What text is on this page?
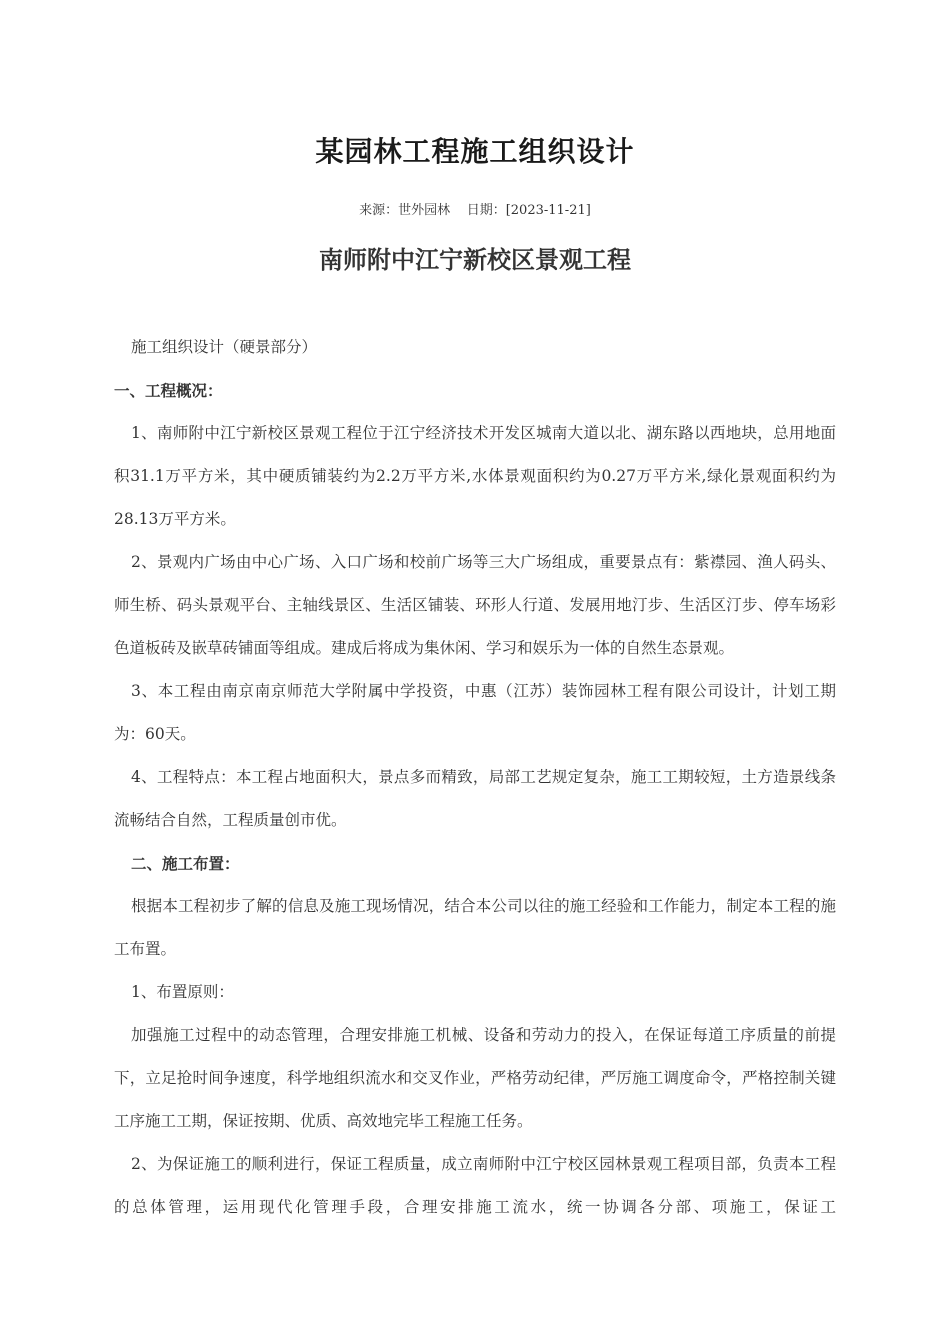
某园林工程施工组织设计
来源：世外园林 日期：[2023-11-21]
南师附中江宁新校区景观工程

施工组织设计（硬景部分）

一、工程概况：

1、南师附中江宁新校区景观工程位于江宁经济技术开发区城南大道以北、湖东路以西地块，总用地面积31.1万平方米，其中硬质铺装约为2.2万平方米,水体景观面积约为0.27万平方米,绿化景观面积约为28.13万平方米。

2、景观内广场由中心广场、入口广场和校前广场等三大广场组成，重要景点有：紫襟园、渔人码头、师生桥、码头景观平台、主轴线景区、生活区铺装、环形人行道、发展用地汀步、生活区汀步、停车场彩色道板砖及嵌草砖铺面等组成。建成后将成为集休闲、学习和娱乐为一体的自然生态景观。

3、本工程由南京南京师范大学附属中学投资，中惠（江苏）装饰园林工程有限公司设计，计划工期为：60天。

4、工程特点：本工程占地面积大，景点多而精致，局部工艺规定复杂，施工工期较短，土方造景线条流畅结合自然，工程质量创市优。

二、施工布置：

根据本工程初步了解的信息及施工现场情况，结合本公司以往的施工经验和工作能力，制定本工程的施工布置。

1、布置原则：

加强施工过程中的动态管理，合理安排施工机械、设备和劳动力的投入，在保证每道工序质量的前提下，立足抢时间争速度，科学地组织流水和交叉作业，严格劳动纪律，严厉施工调度命令，严格控制关键工序施工工期，保证按期、优质、高效地完毕工程施工任务。

2、为保证施工的顺利进行，保证工程质量，成立南师附中江宁校区园林景观工程项目部，负责本工程的总体管理，运用现代化管理手段，合理安排施工流水，统一协调各分部、项施工，保证工
